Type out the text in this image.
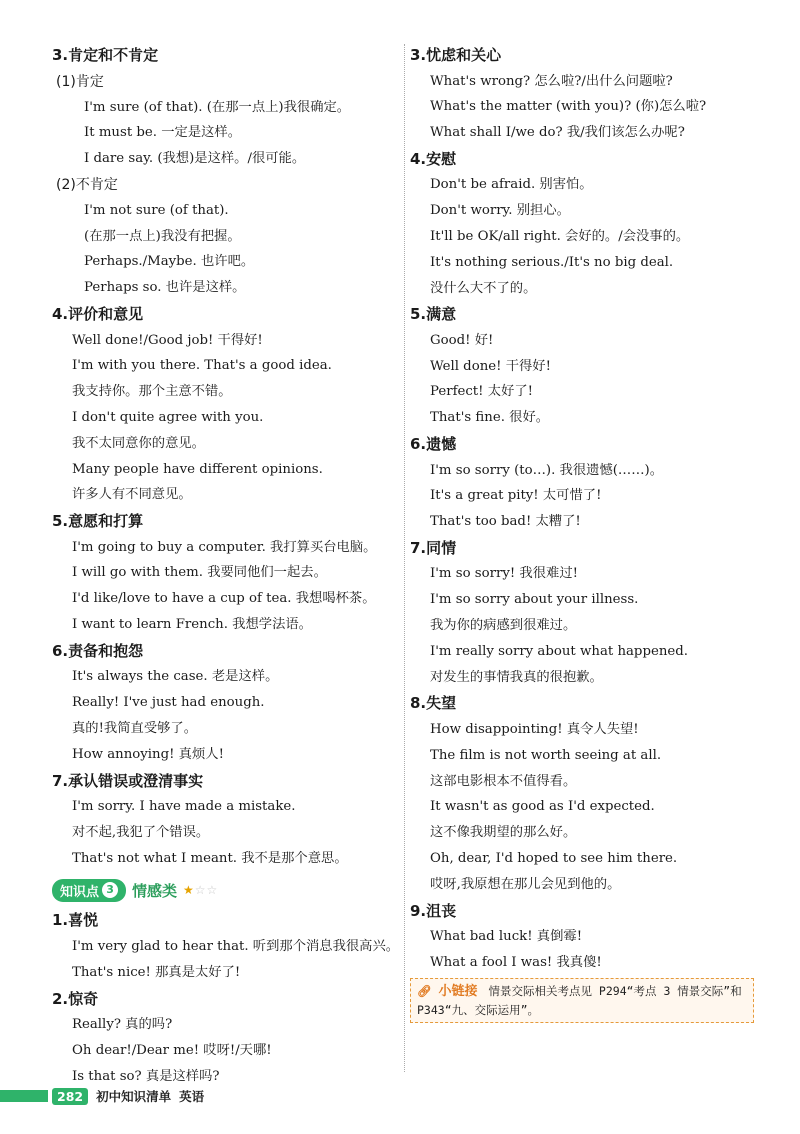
3.肯定和不肯定
(1)肯定
I'm sure (of that). (在那一点上)我很确定。
It must be. 一定是这样。
I dare say. (我想)是这样。/很可能。
(2)不肯定
I'm not sure (of that).
(在那一点上)我没有把握。
Perhaps./Maybe. 也许吧。
Perhaps so. 也许是这样。
4.评价和意见
Well done!/Good job! 干得好!
I'm with you there. That's a good idea.
我支持你。那个主意不错。
I don't quite agree with you.
我不太同意你的意见。
Many people have different opinions.
许多人有不同意见。
5.意愿和打算
I'm going to buy a computer. 我打算买台电脑。
I will go with them. 我要同他们一起去。
I'd like/love to have a cup of tea. 我想喝杯茶。
I want to learn French. 我想学法语。
6.责备和抱怨
It's always the case. 老是这样。
Really! I've just had enough.
真的!我简直受够了。
How annoying! 真烦人!
7.承认错误或澄清事实
I'm sorry. I have made a mistake.
对不起,我犯了个错误。
That's not what I meant. 我不是那个意思。
知识点 3 情感类 ★☆☆
1.喜悦
I'm very glad to hear that. 听到那个消息我很高兴。
That's nice! 那真是太好了!
2.惊奇
Really? 真的吗?
Oh dear!/Dear me! 哎呀!/天哪!
Is that so? 真是这样吗?
3.忧虑和关心
What's wrong? 怎么啦?/出什么问题啦?
What's the matter (with you)? (你)怎么啦?
What shall I/we do? 我/我们该怎么办呢?
4.安慰
Don't be afraid. 别害怕。
Don't worry. 别担心。
It'll be OK/all right. 会好的。/会没事的。
It's nothing serious./It's no big deal.
没什么大不了的。
5.满意
Good! 好!
Well done! 干得好!
Perfect! 太好了!
That's fine. 很好。
6.遗憾
I'm so sorry (to…). 我很遗憾(……)。
It's a great pity! 太可惜了!
That's too bad! 太糟了!
7.同情
I'm so sorry! 我很难过!
I'm so sorry about your illness.
我为你的病感到很难过。
I'm really sorry about what happened.
对发生的事情我真的很抱歉。
8.失望
How disappointing! 真令人失望!
The film is not worth seeing at all.
这部电影根本不值得看。
It wasn't as good as I'd expected.
这不像我期望的那么好。
Oh, dear, I'd hoped to see him there.
哎呀,我原想在那儿会见到他的。
9.沮丧
What bad luck! 真倒霉!
What a fool I was! 我真傻!
🔗︎ 小链接 情景交际相关考点见 P294“考点 3 情景交际”和 P343“九、交际运用”。
282	初中知识清单 英语
